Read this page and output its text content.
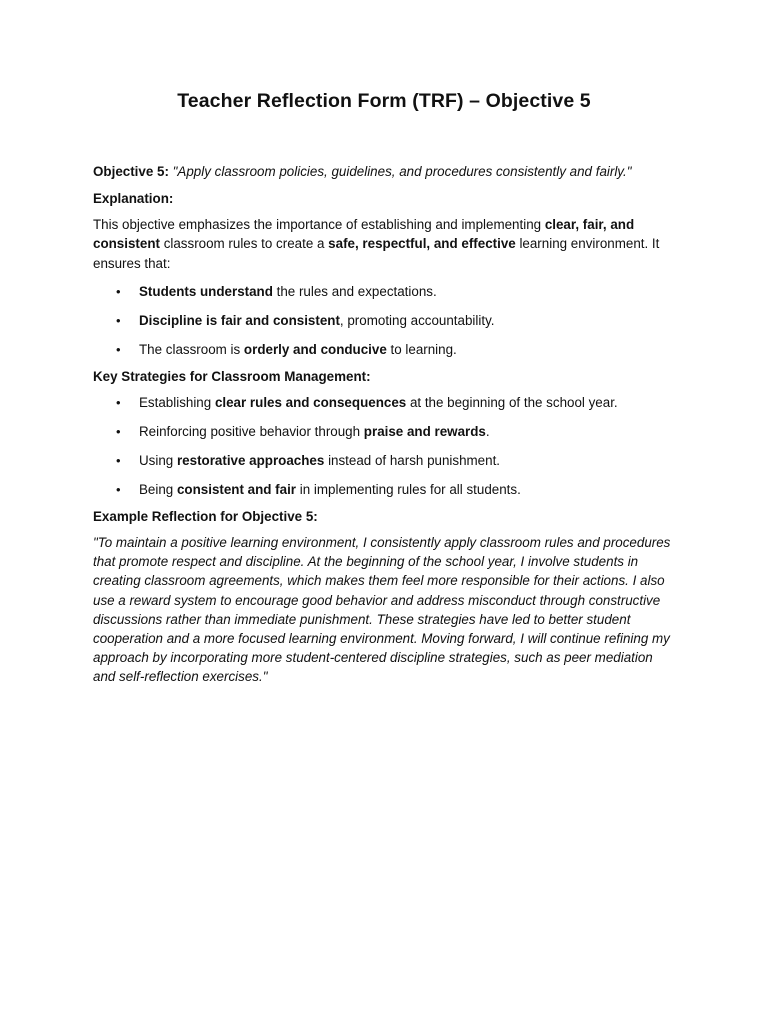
Teacher Reflection Form (TRF) – Objective 5

Objective 5: "Apply classroom policies, guidelines, and procedures consistently and fairly."

Explanation:

This objective emphasizes the importance of establishing and implementing clear, fair, and consistent classroom rules to create a safe, respectful, and effective learning environment. It ensures that:

• Students understand the rules and expectations.
• Discipline is fair and consistent, promoting accountability.
• The classroom is orderly and conducive to learning.
Key Strategies for Classroom Management:
• Establishing clear rules and consequences at the beginning of the school year.
• Reinforcing positive behavior through praise and rewards.
• Using restorative approaches instead of harsh punishment.
• Being consistent and fair in implementing rules for all students.
Example Reflection for Objective 5:

"To maintain a positive learning environment, I consistently apply classroom rules and procedures that promote respect and discipline. At the beginning of the school year, I involve students in creating classroom agreements, which makes them feel more responsible for their actions. I also use a reward system to encourage good behavior and address misconduct through constructive discussions rather than immediate punishment. These strategies have led to better student cooperation and a more focused learning environment. Moving forward, I will continue refining my approach by incorporating more student-centered discipline strategies, such as peer mediation and self-reflection exercises."
